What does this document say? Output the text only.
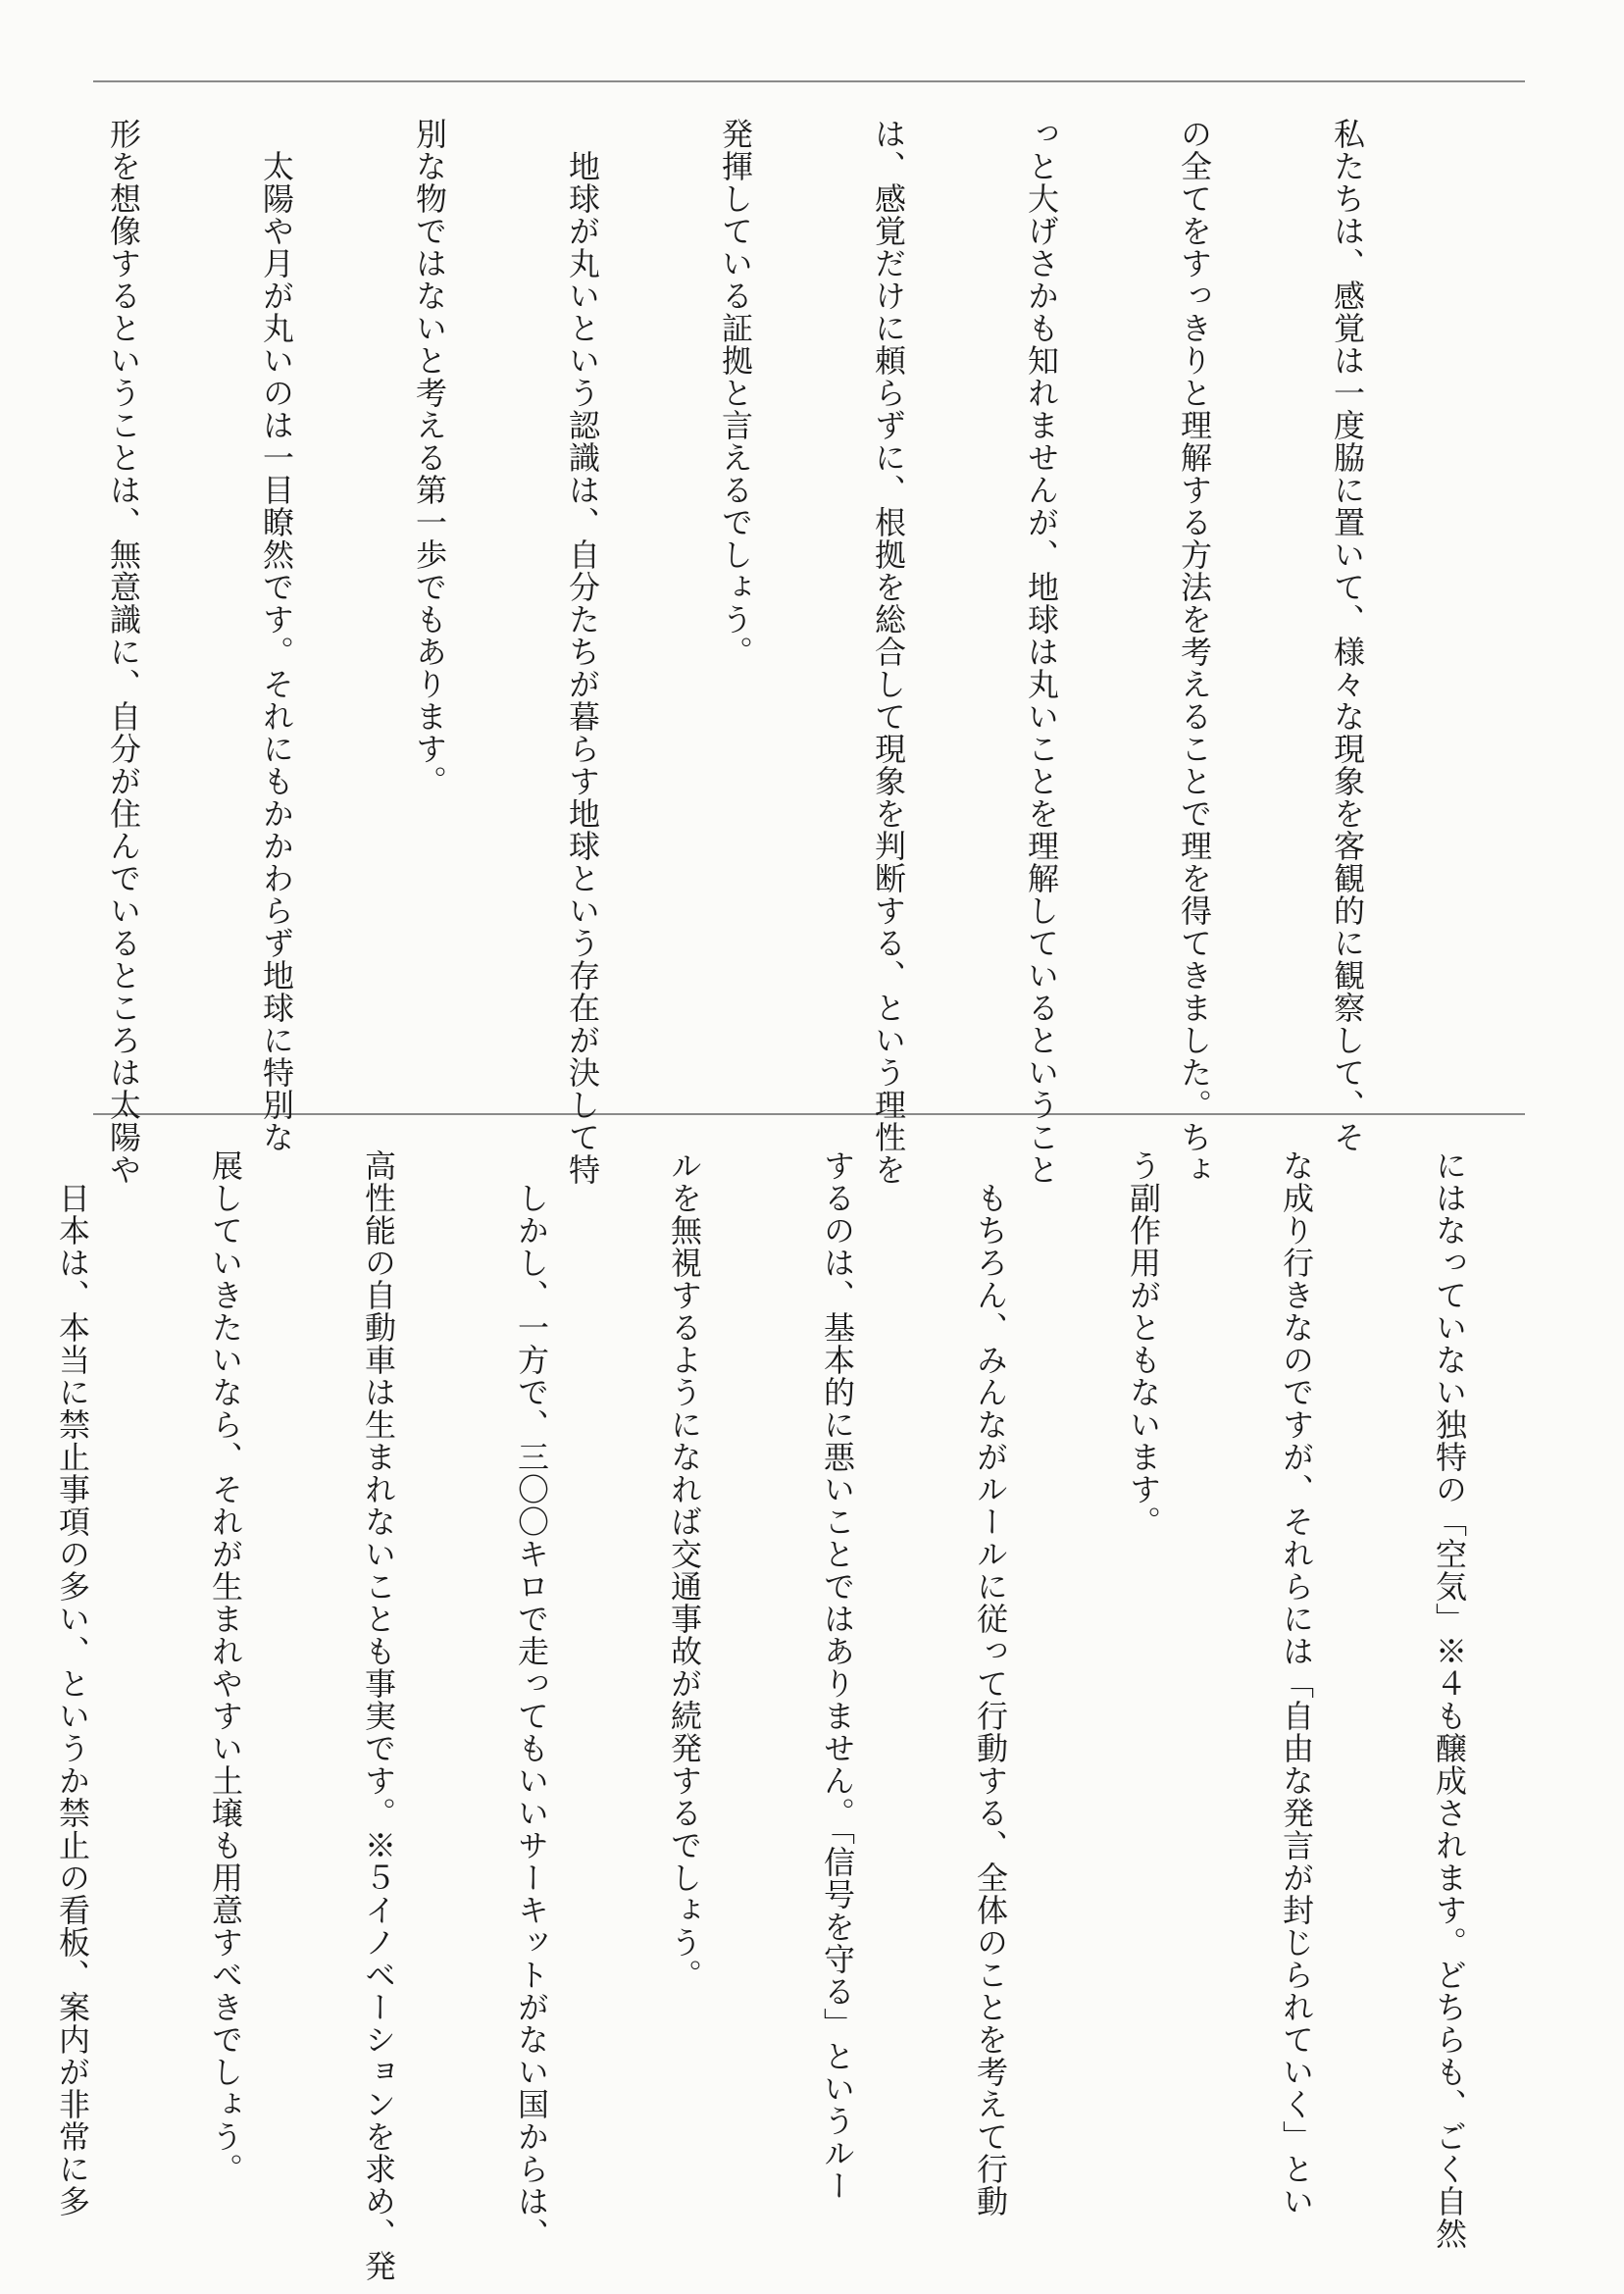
私たちは、感覚は一度脇に置いて、様々な現象を客観的に観察して、そ

の全てをすっきりと理解する方法を考えることで理を得てきました。ちょ

っと大げさかも知れませんが、地球は丸いことを理解しているということ

は、感覚だけに頼らずに、根拠を総合して現象を判断する、という理性を

発揮している証拠と言えるでしょう。

　地球が丸いという認識は、自分たちが暮らす地球という存在が決して特

別な物ではないと考える第一歩でもあります。

　太陽や月が丸いのは一目瞭然です。それにもかかわらず地球に特別な

形を想像するということは、無意識に、自分が住んでいるところは太陽や

にはなっていない独特の「空気」※４も醸成されます。どちらも、ごく自然

な成り行きなのですが、それらには「自由な発言が封じられていく」とい

う副作用がともないます。

　もちろん、みんながルールに従って行動する、全体のことを考えて行動

するのは、基本的に悪いことではありません。「信号を守る」というルー

ルを無視するようになれば交通事故が続発するでしょう。

　しかし、一方で、三〇〇キロで走ってもいいサーキットがない国からは、

高性能の自動車は生まれないことも事実です。※５イノベーションを求め、発

展していきたいなら、それが生まれやすい土壌も用意すべきでしょう。

　日本は、本当に禁止事項の多い、というか禁止の看板、案内が非常に多
